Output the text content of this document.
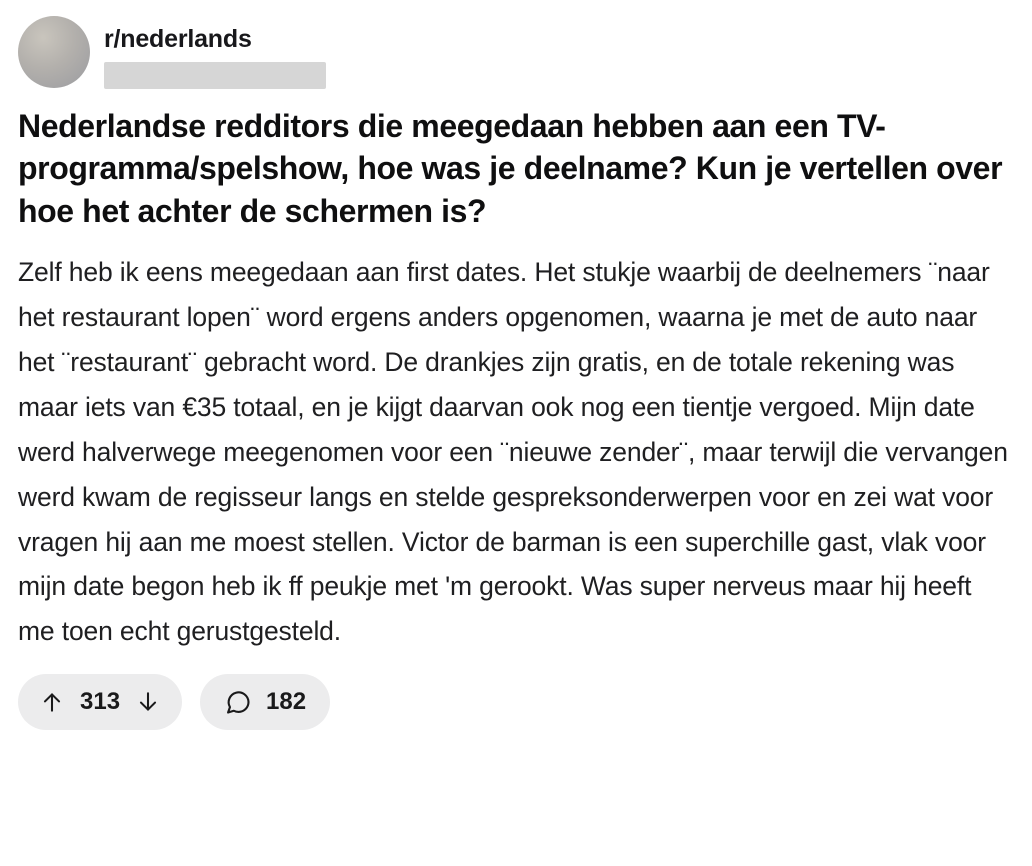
r/nederlands
Nederlandse redditors die meegedaan hebben aan een TV-programma/spelshow, hoe was je deelname? Kun je vertellen over hoe het achter de schermen is?
Zelf heb ik eens meegedaan aan first dates. Het stukje waarbij de deelnemers ¨naar het restaurant lopen¨ word ergens anders opgenomen, waarna je met de auto naar het ¨restaurant¨ gebracht word. De drankjes zijn gratis, en de totale rekening was maar iets van €35 totaal, en je kijgt daarvan ook nog een tientje vergoed. Mijn date werd halverwege meegenomen voor een ¨nieuwe zender¨, maar terwijl die vervangen werd kwam de regisseur langs en stelde gespreksonderwerpen voor en zei wat voor vragen hij aan me moest stellen. Victor de barman is een superchille gast, vlak voor mijn date begon heb ik ff peukje met 'm gerookt. Was super nerveus maar hij heeft me toen echt gerustgesteld.
313	182
